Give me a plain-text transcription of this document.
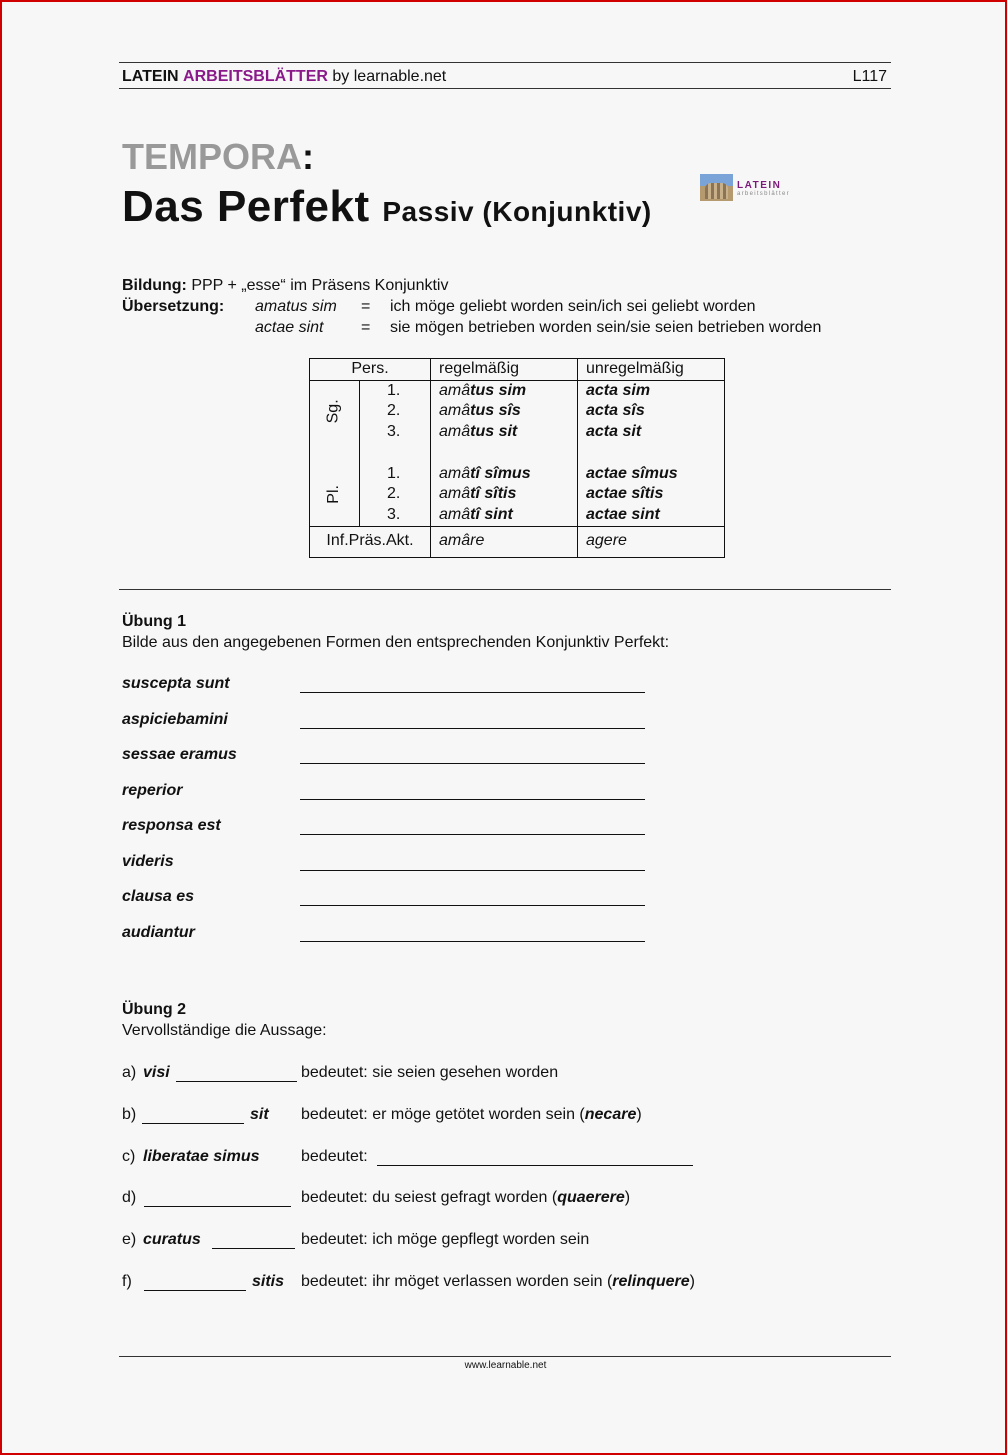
LATEIN ARBEITSBLÄTTER by learnable.net	L117
TEMPORA:
Das Perfekt Passiv (Konjunktiv)
LATEIN
arbeitsblätter
Bildung: PPP + „esse“ im Präsens Konjunktiv
Übersetzung: amatus sim = ich möge geliebt worden sein/ich sei geliebt worden
actae sint = sie mögen betrieben worden sein/sie seien betrieben worden
Pers.	regelmäßig	unregelmäßig

Sg.
1.	amâtus sim	acta sim

2.	amâtus sîs	acta sîs

3.	amâtus sit	acta sit

Pl.
1.	amâtî sîmus	actae sîmus

2.	amâtî sîtis	actae sîtis

3.	amâtî sint	actae sint
Inf.Präs.Akt.	amâre	agere
Übung 1
Bilde aus den angegebenen Formen den entsprechenden Konjunktiv Perfekt:
suscepta sunt
aspiciebamini
sessae eramus
reperior
responsa est
videris
clausa es
audiantur
Übung 2
Vervollständige die Aussage:
a) visi	bedeutet: sie seien gesehen worden
b)	sit bedeutet: er möge getötet worden sein (necare)
c) liberatae simus	bedeutet:
d)	bedeutet: du seiest gefragt worden (quaerere)
e) curatus	bedeutet: ich möge gepflegt worden sein
f)	sitis bedeutet: ihr möget verlassen worden sein (relinquere)
www.learnable.net
